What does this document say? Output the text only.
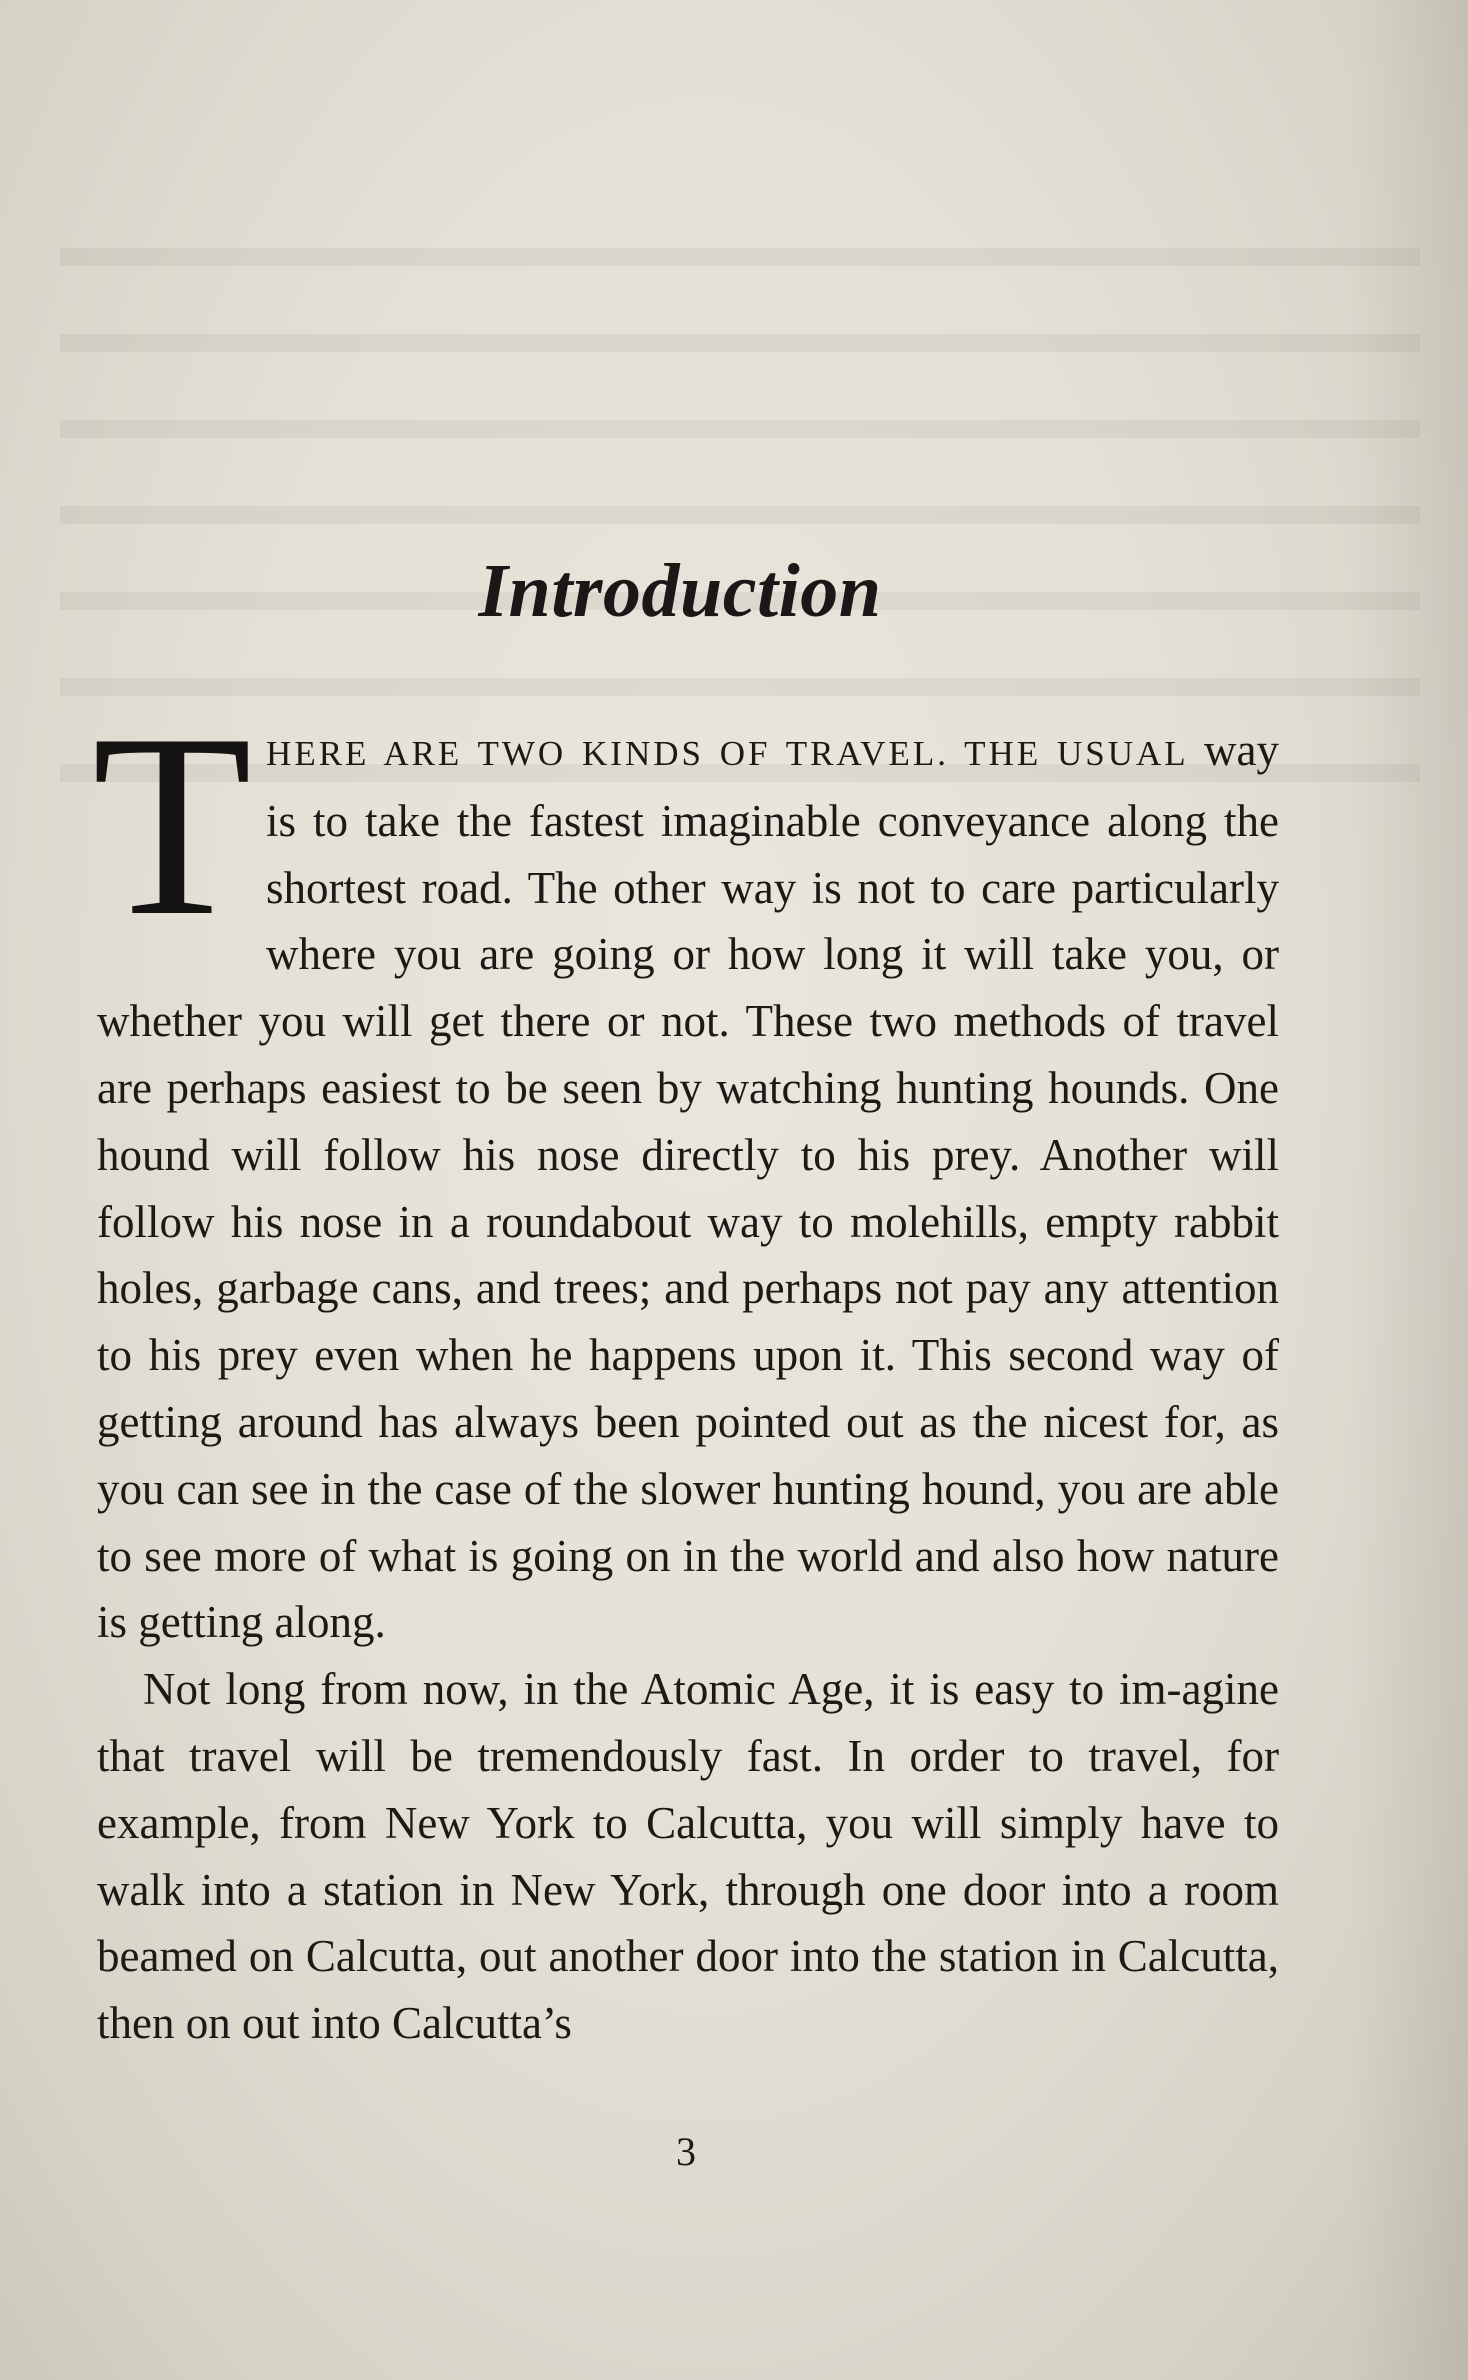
Introduction

THERE ARE TWO KINDS OF TRAVEL. THE USUAL way is to take the fastest imaginable conveyance along the shortest road. The other way is not to care particularly where you are going or how long it will take you, or whether you will get there or not. These two methods of travel are perhaps easiest to be seen by watching hunting hounds. One hound will follow his nose directly to his prey. Another will follow his nose in a roundabout way to molehills, empty rabbit holes, garbage cans, and trees; and perhaps not pay any attention to his prey even when he happens upon it. This second way of getting around has always been pointed out as the nicest for, as you can see in the case of the slower hunting hound, you are able to see more of what is going on in the world and also how nature is getting along.

Not long from now, in the Atomic Age, it is easy to im-agine that travel will be tremendously fast. In order to travel, for example, from New York to Calcutta, you will simply have to walk into a station in New York, through one door into a room beamed on Calcutta, out another door into the station in Calcutta, then on out into Calcutta’s

3
